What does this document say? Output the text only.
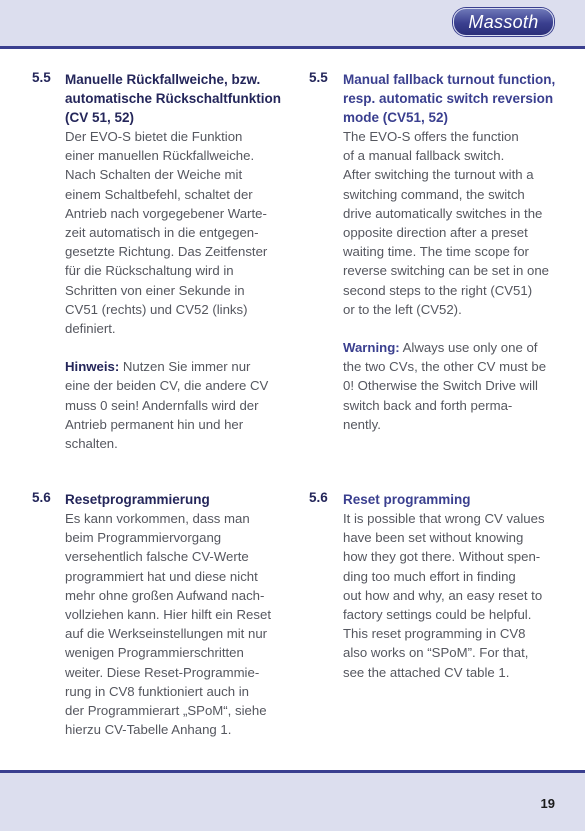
Massoth
5.5 Manuelle Rückfallweiche, bzw.
automatische Rückschaltfunktion
(CV 51, 52)
Der EVO-S bietet die Funktion
einer manuellen Rückfallweiche.
Nach Schalten der Weiche mit
einem Schaltbefehl, schaltet der
Antrieb nach vorgegebener Warte-
zeit automatisch in die entgegen-
gesetzte Richtung. Das Zeitfenster
für die Rückschaltung wird in
Schritten von einer Sekunde in
CV51 (rechts) und CV52 (links)
definiert.
Hinweis: Nutzen Sie immer nur
eine der beiden CV, die andere CV
muss 0 sein! Andernfalls wird der
Antrieb permanent hin und her
schalten.
5.5 Manual fallback turnout function,
resp. automatic switch reversion
mode (CV51, 52)
The EVO-S offers the function
of a manual fallback switch.
After switching the turnout with a
switching command, the switch
drive automatically switches in the
opposite direction after a preset
waiting time. The time scope for
reverse switching can be set in one
second steps to the right (CV51)
or to the left (CV52).
Warning: Always use only one of
the two CVs, the other CV must be
0! Otherwise the Switch Drive will
switch back and forth perma-
nently.
5.6 Resetprogrammierung
Es kann vorkommen, dass man
beim Programmiervorgang
versehentlich falsche CV-Werte
programmiert hat und diese nicht
mehr ohne großen Aufwand nach-
vollziehen kann. Hier hilft ein Reset
auf die Werkseinstellungen mit nur
wenigen Programmierschritten
weiter. Diese Reset-Programmie-
rung in CV8 funktioniert auch in
der Programmierart „SPoM“, siehe
hierzu CV-Tabelle Anhang 1.
5.6 Reset programming
It is possible that wrong CV values
have been set without knowing
how they got there. Without spen-
ding too much effort in finding
out how and why, an easy reset to
factory settings could be helpful.
This reset programming in CV8
also works on “SPoM”. For that,
see the attached CV table 1.
19
